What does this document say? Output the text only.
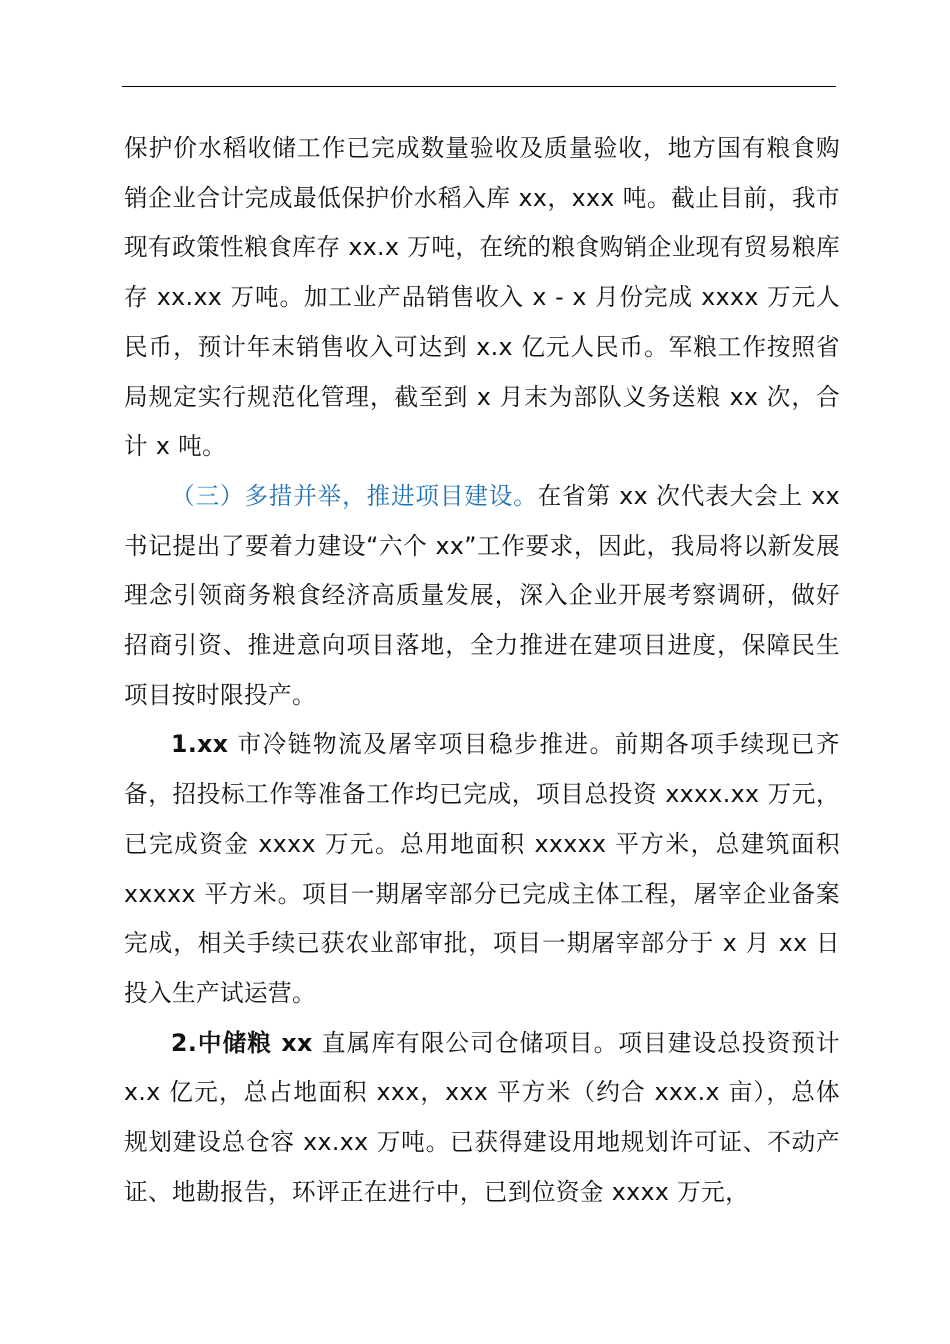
保护价水稻收储工作已完成数量验收及质量验收，地方国有粮食购销企业合计完成最低保护价水稻入库 xx，xxx 吨。截止目前，我市现有政策性粮食库存 xx.x 万吨，在统的粮食购销企业现有贸易粮库存 xx.xx 万吨。加工业产品销售收入 x - x 月份完成 xxxx 万元人民币，预计年末销售收入可达到 x.x 亿元人民币。军粮工作按照省局规定实行规范化管理，截至到 x 月末为部队义务送粮 xx 次，合计 x 吨。

（三）多措并举，推进项目建设。在省第 xx 次代表大会上 xx 书记提出了要着力建设“六个 xx”工作要求，因此，我局将以新发展理念引领商务粮食经济高质量发展，深入企业开展考察调研，做好招商引资、推进意向项目落地，全力推进在建项目进度，保障民生项目按时限投产。

1.xx 市冷链物流及屠宰项目稳步推进。前期各项手续现已齐备，招投标工作等准备工作均已完成，项目总投资 xxxx.xx 万元，已完成资金 xxxx 万元。总用地面积 xxxxx 平方米，总建筑面积 xxxxx 平方米。项目一期屠宰部分已完成主体工程，屠宰企业备案完成，相关手续已获农业部审批，项目一期屠宰部分于 x 月 xx 日投入生产试运营。

2.中储粮 xx 直属库有限公司仓储项目。项目建设总投资预计 x.x 亿元，总占地面积 xxx，xxx 平方米（约合 xxx.x 亩），总体规划建设总仓容 xx.xx 万吨。已获得建设用地规划许可证、不动产证、地勘报告，环评正在进行中，已到位资金 xxxx 万元，
